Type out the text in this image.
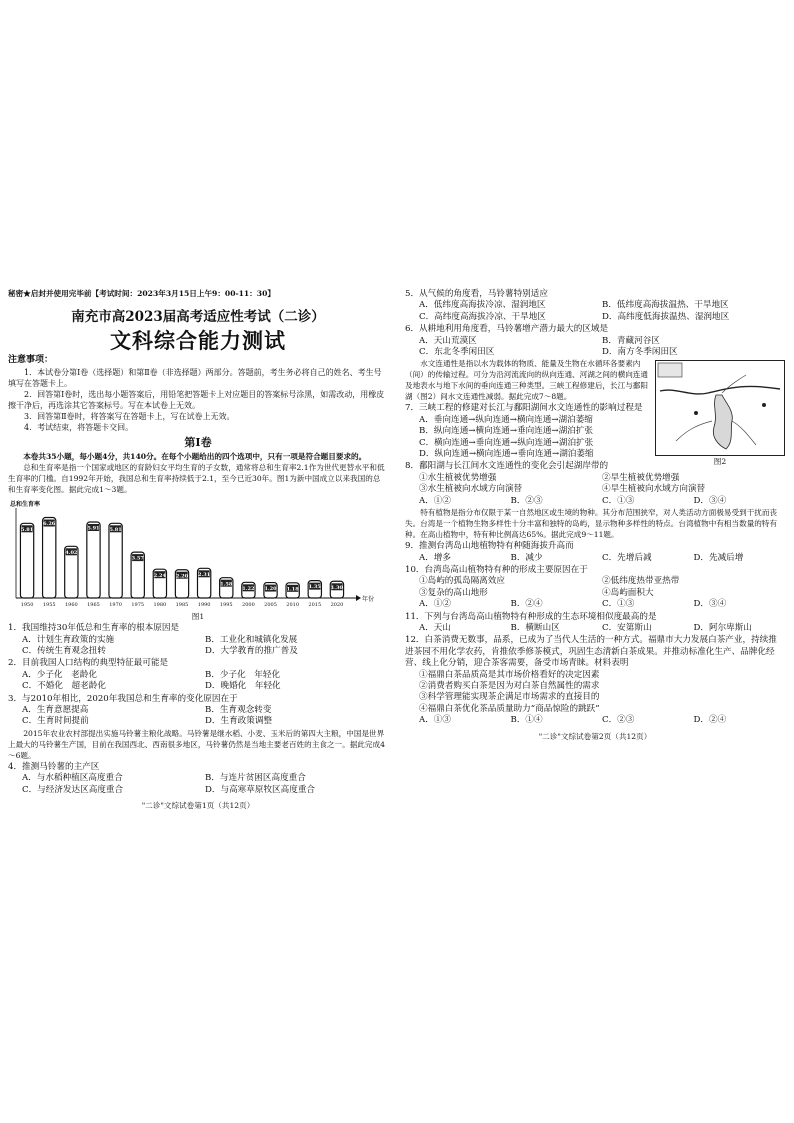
秘密★启封并使用完毕前【考试时间：2023年3月15日上午9：00-11：30】
南充市高2023届高考适应性考试（二诊）
文科综合能力测试
注意事项：

1．本试卷分第Ⅰ卷（选择题）和第Ⅱ卷（非选择题）两部分。答题前，考生务必将自己的姓名、考生号填写在答题卡上。

2．回答第Ⅰ卷时，选出每小题答案后，用铅笔把答题卡上对应题目的答案标号涂黑，如需改动，用橡皮擦干净后，再选涂其它答案标号。写在本试卷上无效。

3．回答第Ⅱ卷时，将答案写在答题卡上，写在试卷上无效。

4．考试结束，将答题卡交回。

第Ⅰ卷
本卷共35小题，每小题4分，共140分。在每个小题给出的四个选项中，只有一项是符合题目要求的。
总和生育率是指一个国家或地区的育龄妇女平均生育的子女数，通常将总和生育率2.1作为世代更替水平和低生育率的门槛。自1992年开始，我国总和生育率持续低于2.1，至今已近30年。图1为新中国成立以来我国的总和生育率变化图。据此完成1～3题。
总和生育率
年份
5.81
1950
6.26
1955
4.02
1960
5.91
1965
5.81
1970
3.57
1975
2.24
1980
2.20
1985
2.31
1990
1.58
1995
1.22
2000
1.20
2005
1.18
2010
1.35
2015
1.30
2020
图1
1．我国维持30年低总和生育率的根本原因是
A．计划生育政策的实施	B．工业化和城镇化发展
C．传统生育观念扭转	D．大学教育的推广普及
2．目前我国人口结构的典型特征最可能是
A．少子化　老龄化	B．少子化　年轻化
C．不婚化　超老龄化	D．晚婚化　年轻化
3．与2010年相比，2020年我国总和生育率的变化原因在于
A．生育意愿提高	B．生育观念转变
C．生育时间提前	D．生育政策调整
2015年农业农村部提出实施马铃薯主粮化战略。马铃薯是继水稻、小麦、玉米后的第四大主粮，中国是世界上最大的马铃薯生产国，目前在我国西北、西南很多地区，马铃薯仍然是当地主要老百姓的主食之一。据此完成4～6题。
4．推测马铃薯的主产区
A．与水稻种植区高度重合	B．与连片贫困区高度重合
C．与经济发达区高度重合	D．与高寒草原牧区高度重合
"二诊"文综试卷第1页（共12页）
5．从气候的角度看，马铃薯特别适应
A．低纬度高海拔冷凉、湿润地区	B．低纬度高海拔温热、干旱地区
C．高纬度高海拔冷凉、干旱地区	D．高纬度低海拔温热、湿润地区
6．从耕地利用角度看，马铃薯增产潜力最大的区域是
A．天山荒漠区	B．青藏河谷区
C．东北冬季闲田区	D．南方冬季闲田区
图2
水文连通性是指以水为载体的物质、能量及生物在水循环各要素内（间）的传输过程。可分为沿河流流向的纵向连通、河湖之间的横向连通及地表水与地下水间的垂向连通三种类型。三峡工程修建后，长江与鄱阳湖（图2）间水文连通性减弱。据此完成7～8题。
7．三峡工程的修建对长江与鄱阳湖间水文连通性的影响过程是
A．垂向连通→纵向连通→横向连通→湖泊萎缩
B．纵向连通→横向连通→垂向连通→湖泊扩张
C．横向连通→垂向连通→纵向连通→湖泊扩张
D．纵向连通→横向连通→垂向连通→湖泊萎缩
8．鄱阳湖与长江间水文连通性的变化会引起湖岸带的
①水生植被优势增强	②旱生植被优势增强
③水生植被向水域方向演替	④旱生植被向水域方向演替
A．①②	B．②③	C．①③	D．③④
特有植物是指分布仅限于某一自然地区或生境的物种。其分布范围狭窄，对人类活动方面极易受到干扰而丧失。台湾是一个植物生物多样性十分丰富和独特的岛屿，显示物种多样性的特点。台湾植物中有相当数量的特有种。在高山植物中，特有种比例高达65%。据此完成9～11题。
9．推测台湾岛山地植物特有种随海拔升高而
A．增多	B．减少	C．先增后减	D．先减后增
10．台湾岛高山植物特有种的形成主要原因在于
①岛屿的孤岛隔离效应	②低纬度热带亚热带
③复杂的高山地形	④岛屿面积大
A．①②	B．②④	C．①③	D．③④
11．下列与台湾岛高山植物特有种形成的生态环境相似度最高的是
A．天山	B．横断山区	C．安第斯山	D．阿尔卑斯山
12．白茶消费无数事，品系，已成为了当代人生活的一种方式。福鼎市大力发展白茶产业，持续推进茶园不用化学农药，肯推依季修茶模式，巩固生态清新白茶成果。并推动标准化生产、品牌化经营、线上化分销，迎合茶客需要，备受市场青睐。材料表明
①福鼎白茶品质高是其市场价格看好的决定因素
②消费者购买白茶是因为对白茶自然属性的需求
③科学管理能实现茶企满足市场需求的直接目的
④福鼎白茶优化茶品质量助力“商品惊险的跳跃”
A．①③	B．①④	C．②③	D．②④
"二诊"文综试卷第2页（共12页）
